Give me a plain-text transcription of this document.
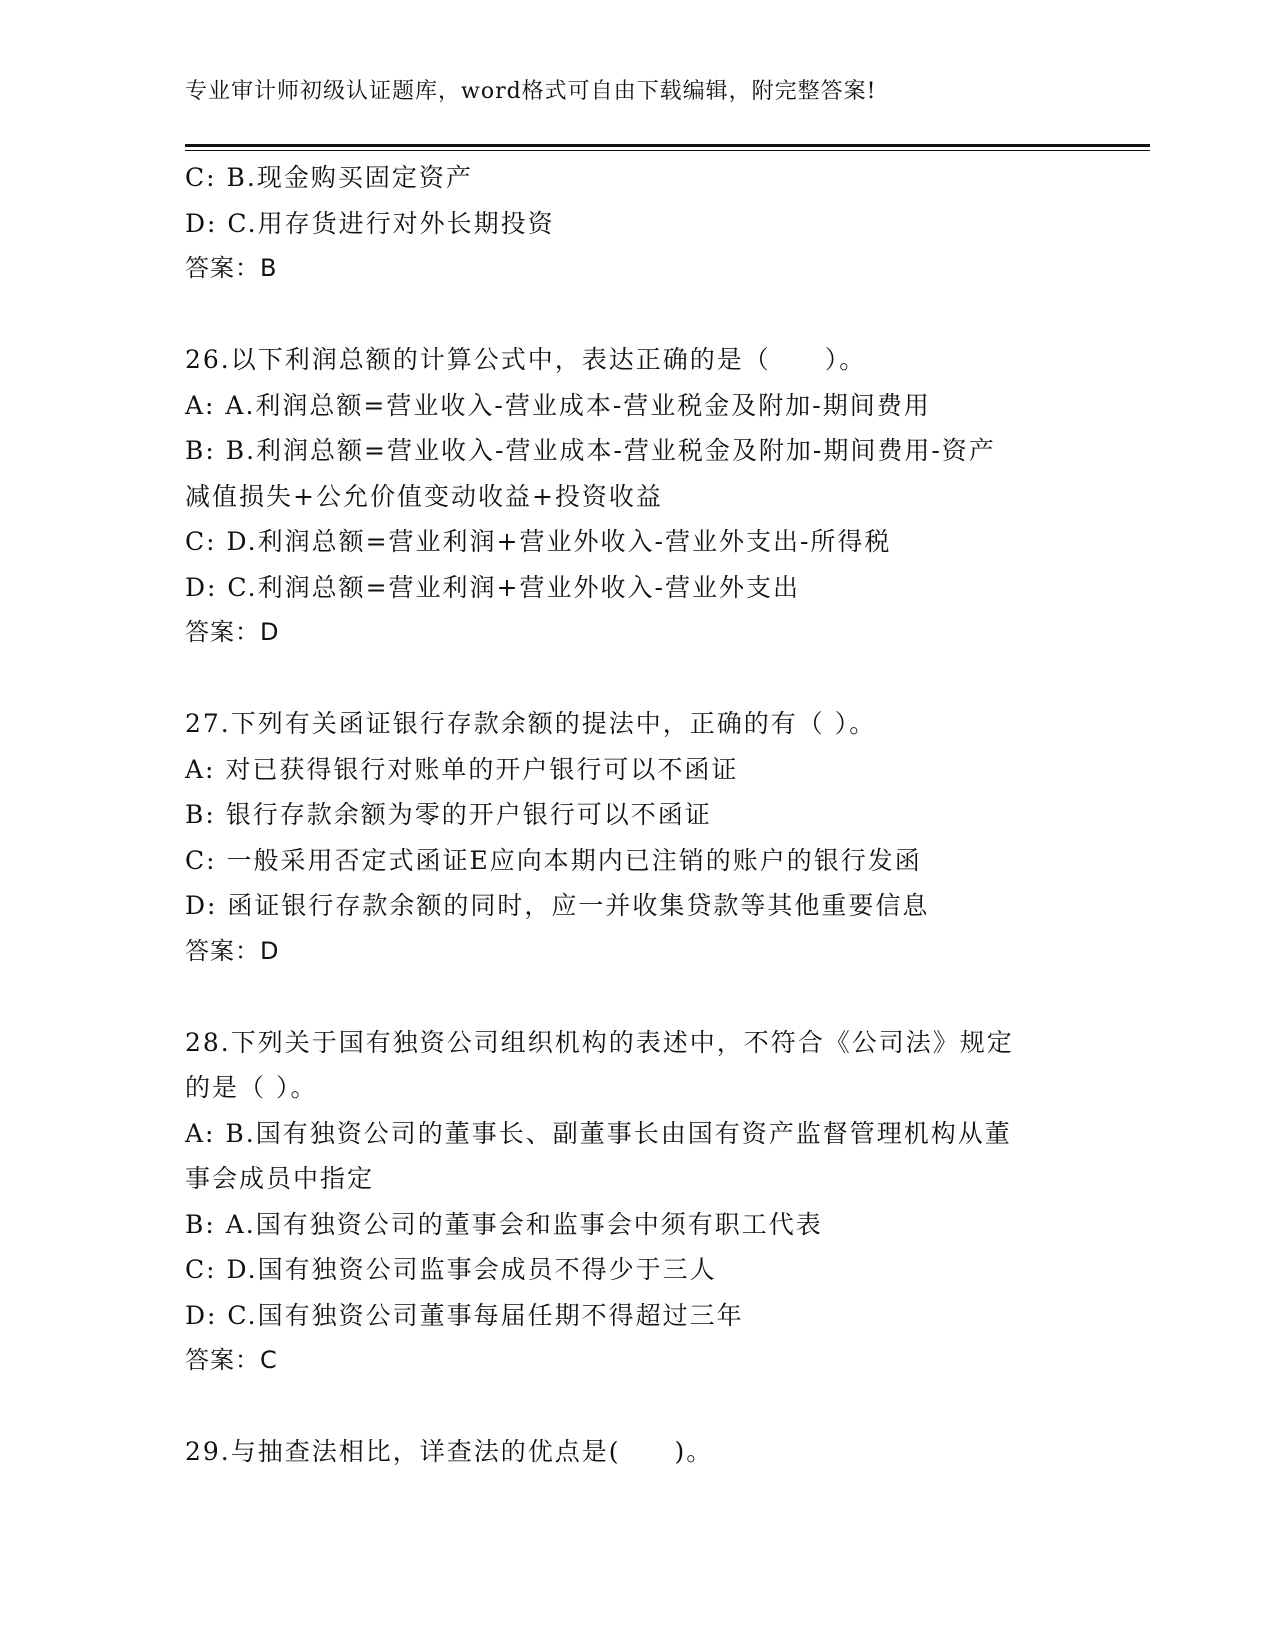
专业审计师初级认证题库，word格式可自由下载编辑，附完整答案!
C: B.现金购买固定资产
D: C.用存货进行对外长期投资
答案：B
26.以下利润总额的计算公式中，表达正确的是（　　）。
A: A.利润总额=营业收入-营业成本-营业税金及附加-期间费用
B: B.利润总额=营业收入-营业成本-营业税金及附加-期间费用-资产
减值损失+公允价值变动收益+投资收益
C: D.利润总额=营业利润+营业外收入-营业外支出-所得税
D: C.利润总额=营业利润+营业外收入-营业外支出
答案：D
27.下列有关函证银行存款余额的提法中，正确的有（ ）。
A: 对已获得银行对账单的开户银行可以不函证
B: 银行存款余额为零的开户银行可以不函证
C: 一般采用否定式函证E应向本期内已注销的账户的银行发函
D: 函证银行存款余额的同时，应一并收集贷款等其他重要信息
答案：D
28.下列关于国有独资公司组织机构的表述中，不符合《公司法》规定
的是（ ）。
A: B.国有独资公司的董事长、副董事长由国有资产监督管理机构从董
事会成员中指定
B: A.国有独资公司的董事会和监事会中须有职工代表
C: D.国有独资公司监事会成员不得少于三人
D: C.国有独资公司董事每届任期不得超过三年
答案：C
29.与抽查法相比，详查法的优点是(　　)。
